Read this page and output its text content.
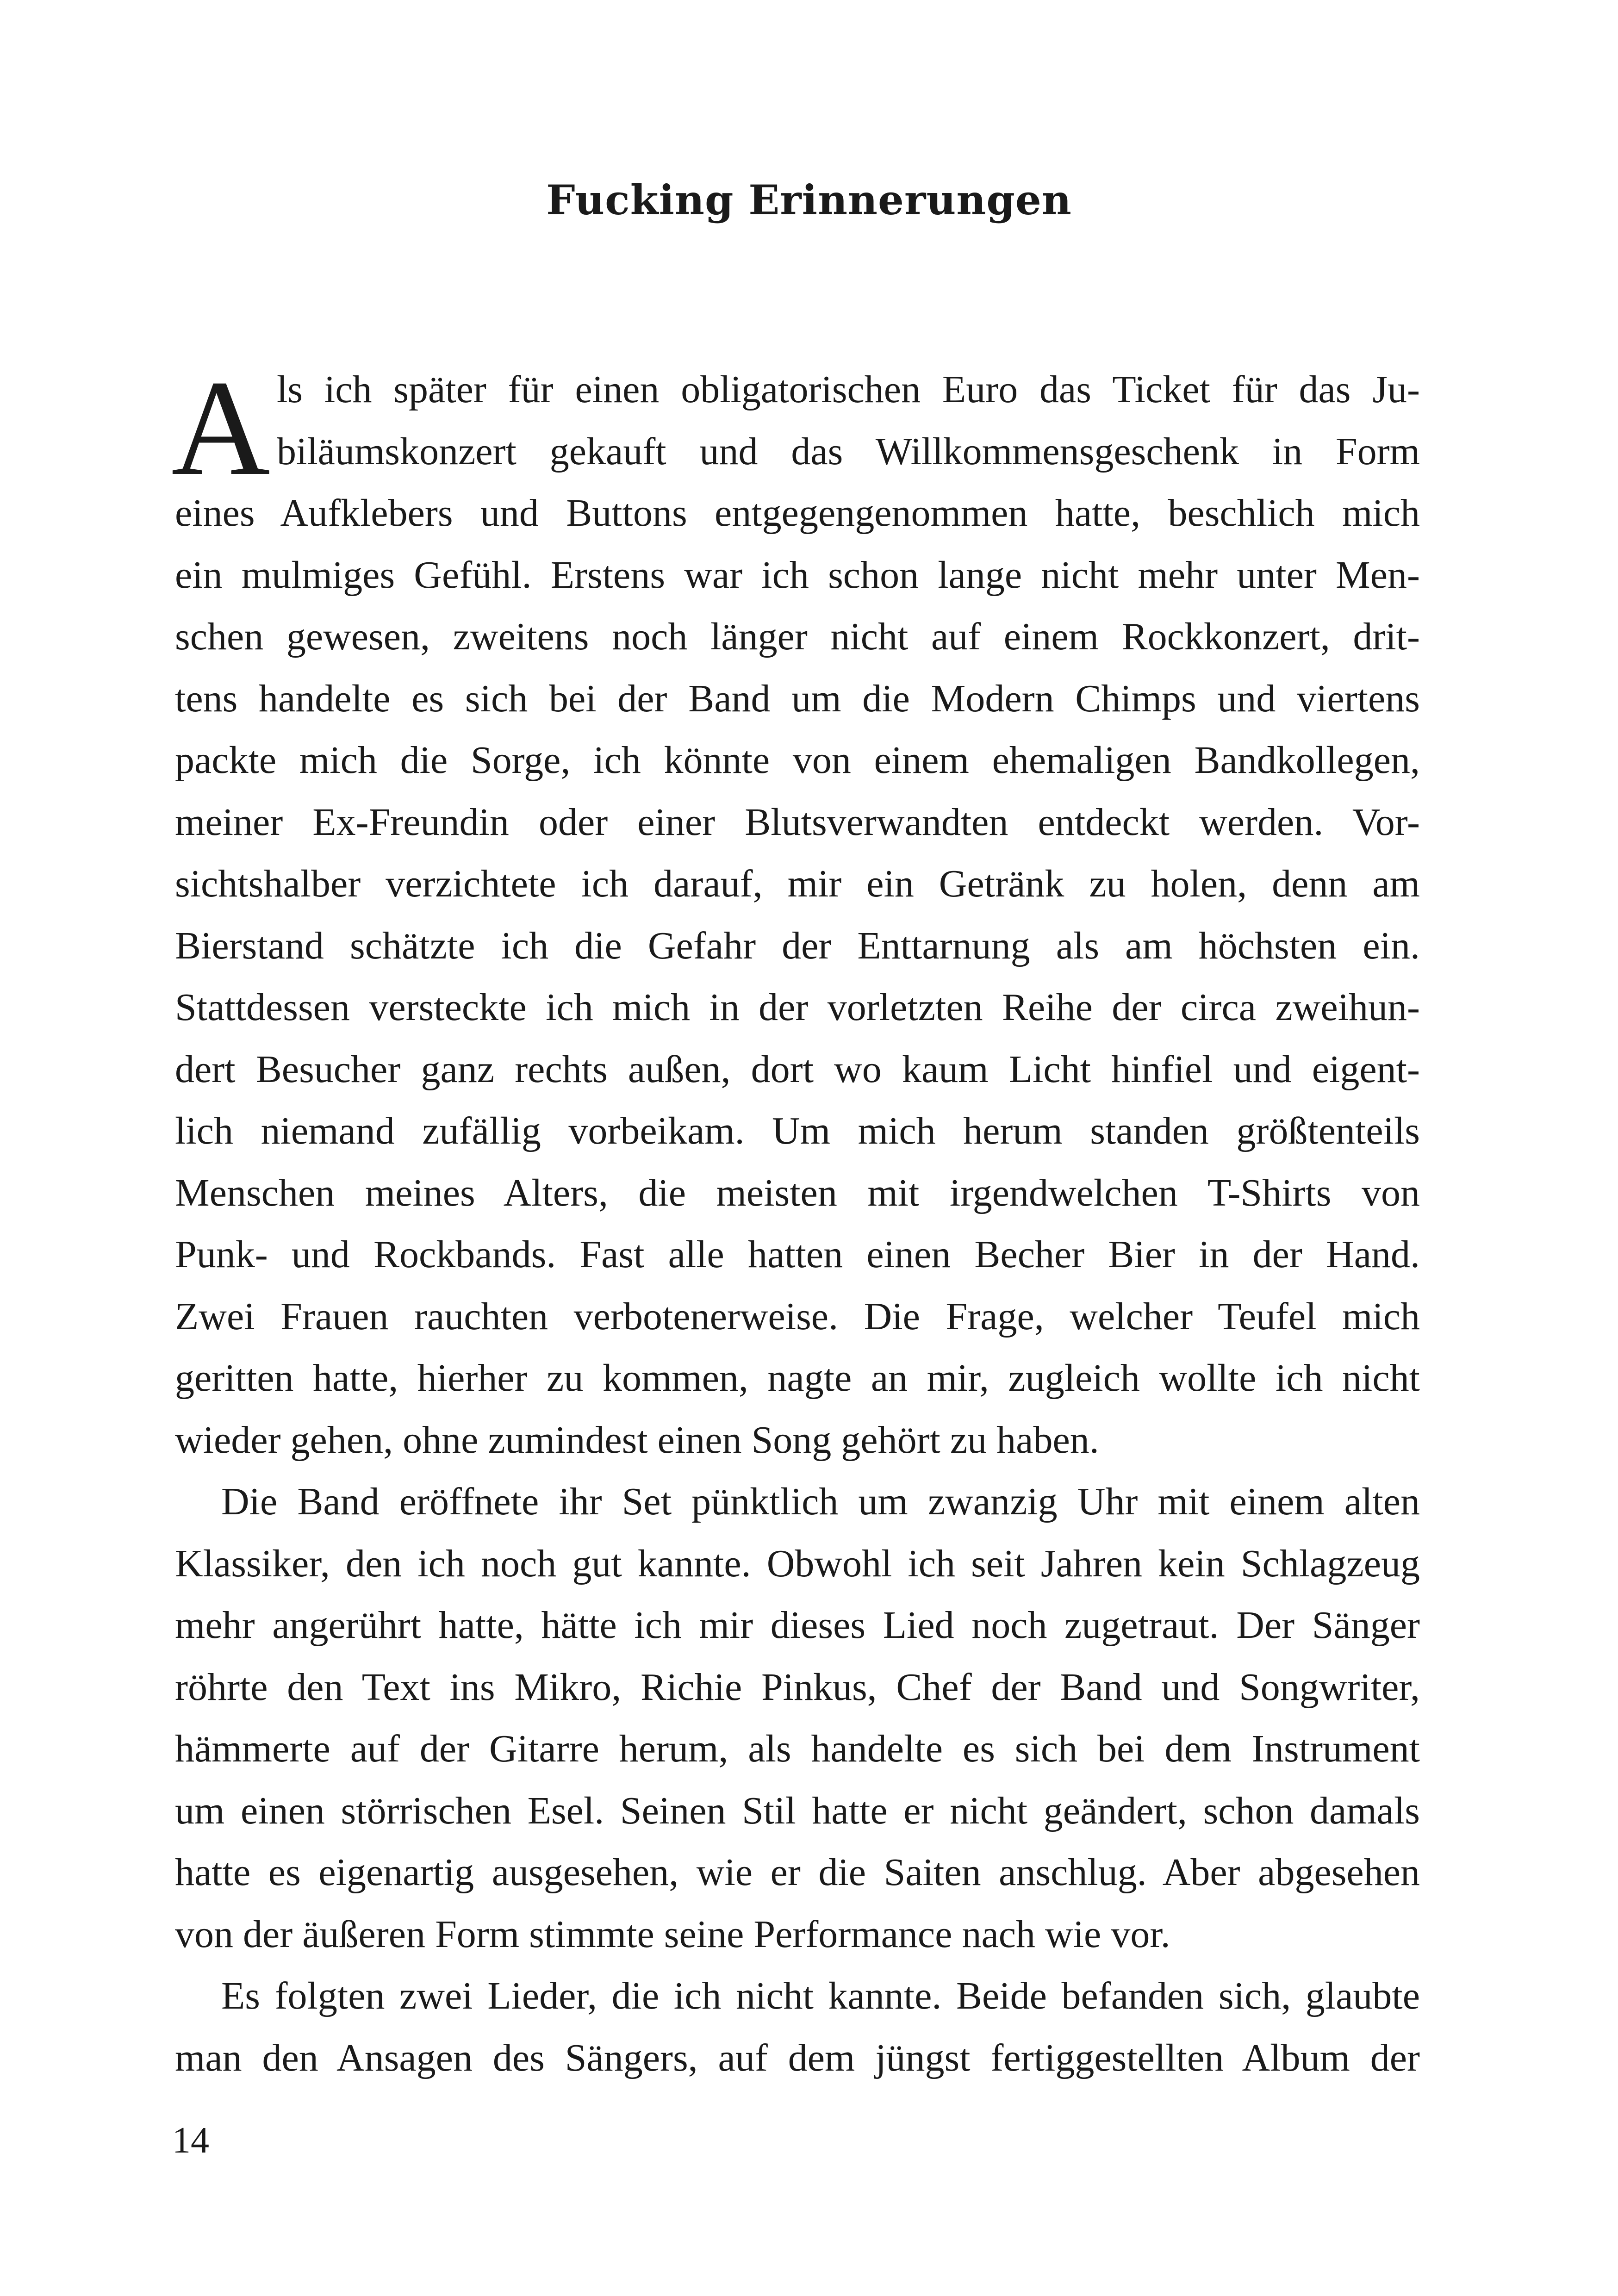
Fucking Erinnerungen
A ls ich später für einen obligatorischen Euro das Ticket für das Ju-
biläumskonzert gekauft und das Willkommensgeschenk in Form
eines Aufklebers und Buttons entgegengenommen hatte, beschlich mich
ein mulmiges Gefühl. Erstens war ich schon lange nicht mehr unter Men-
schen gewesen, zweitens noch länger nicht auf einem Rockkonzert, drit-
tens handelte es sich bei der Band um die Modern Chimps und viertens
packte mich die Sorge, ich könnte von einem ehemaligen Bandkollegen,
meiner Ex-Freundin oder einer Blutsverwandten entdeckt werden. Vor-
sichtshalber verzichtete ich darauf, mir ein Getränk zu holen, denn am
Bierstand schätzte ich die Gefahr der Enttarnung als am höchsten ein.
Stattdessen versteckte ich mich in der vorletzten Reihe der circa zweihun-
dert Besucher ganz rechts außen, dort wo kaum Licht hinfiel und eigent-
lich niemand zufällig vorbeikam. Um mich herum standen größtenteils
Menschen meines Alters, die meisten mit irgendwelchen T-Shirts von
Punk- und Rockbands. Fast alle hatten einen Becher Bier in der Hand.
Zwei Frauen rauchten verbotenerweise. Die Frage, welcher Teufel mich
geritten hatte, hierher zu kommen, nagte an mir, zugleich wollte ich nicht
wieder gehen, ohne zumindest einen Song gehört zu haben.
Die Band eröffnete ihr Set pünktlich um zwanzig Uhr mit einem alten
Klassiker, den ich noch gut kannte. Obwohl ich seit Jahren kein Schlagzeug
mehr angerührt hatte, hätte ich mir dieses Lied noch zugetraut. Der Sänger
röhrte den Text ins Mikro, Richie Pinkus, Chef der Band und Songwriter,
hämmerte auf der Gitarre herum, als handelte es sich bei dem Instrument
um einen störrischen Esel. Seinen Stil hatte er nicht geändert, schon damals
hatte es eigenartig ausgesehen, wie er die Saiten anschlug. Aber abgesehen
von der äußeren Form stimmte seine Performance nach wie vor.
Es folgten zwei Lieder, die ich nicht kannte. Beide befanden sich, glaubte
man den Ansagen des Sängers, auf dem jüngst fertiggestellten Album der

14
